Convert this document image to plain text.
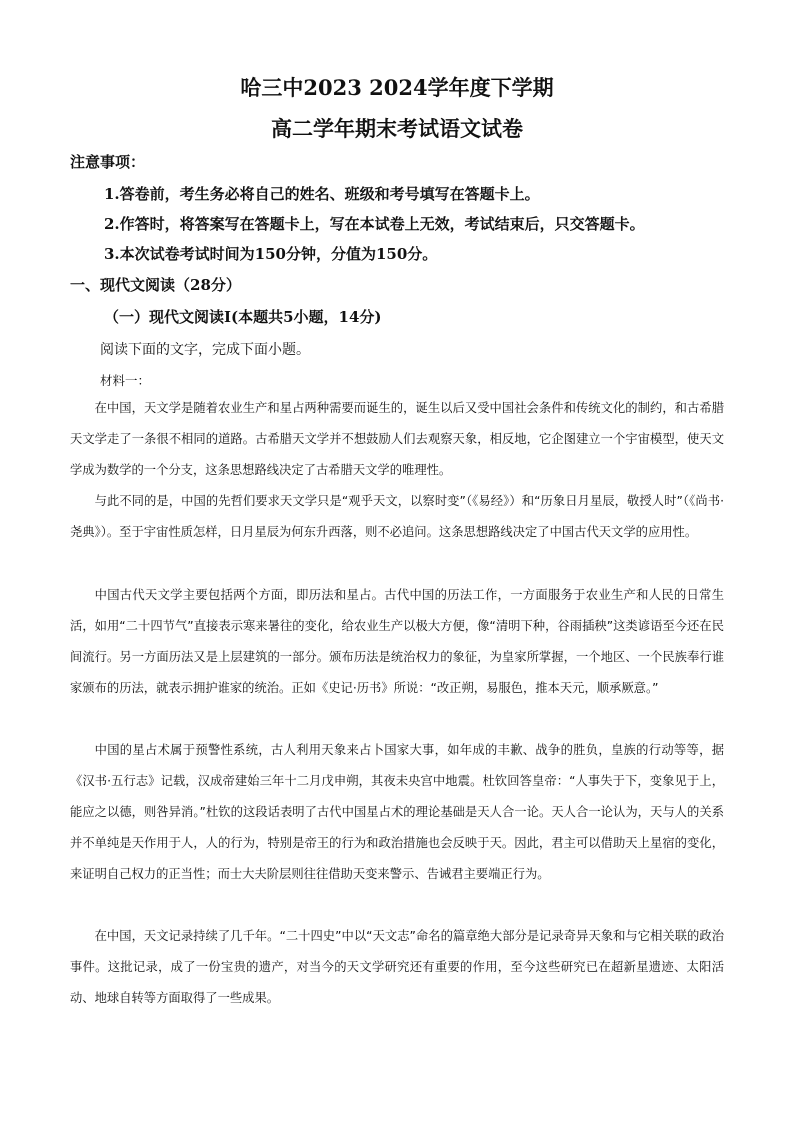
哈三中2023 2024学年度下学期
高二学年期末考试语文试卷
注意事项：
1.答卷前，考生务必将自己的姓名、班级和考号填写在答题卡上。
2.作答时，将答案写在答题卡上，写在本试卷上无效，考试结束后，只交答题卡。
3.本次试卷考试时间为150分钟，分值为150分。
一、现代文阅读（28分）
（一）现代文阅读Ⅰ(本题共5小题，14分)
阅读下面的文字，完成下面小题。
材料一：

在中国，天文学是随着农业生产和星占两种需要而诞生的，诞生以后又受中国社会条件和传统文化的制约，和古希腊天文学走了一条很不相同的道路。古希腊天文学并不想鼓励人们去观察天象，相反地，它企图建立一个宇宙模型，使天文学成为数学的一个分支，这条思想路线决定了古希腊天文学的唯理性。

与此不同的是，中国的先哲们要求天文学只是“观乎天文，以察时变”（《易经》）和“历象日月星辰，敬授人时”（《尚书·尧典》）。至于宇宙性质怎样，日月星辰为何东升西落，则不必追问。这条思想路线决定了中国古代天文学的应用性。

中国古代天文学主要包括两个方面，即历法和星占。古代中国的历法工作，一方面服务于农业生产和人民的日常生活，如用“二十四节气”直接表示寒来暑往的变化，给农业生产以极大方便，像“清明下种，谷雨插秧”这类谚语至今还在民间流行。另一方面历法又是上层建筑的一部分。颁布历法是统治权力的象征，为皇家所掌握，一个地区、一个民族奉行谁家颁布的历法，就表示拥护谁家的统治。正如《史记·历书》所说：“改正朔，易服色，推本天元，顺承厥意。”

中国的星占术属于预警性系统，古人利用天象来占卜国家大事，如年成的丰歉、战争的胜负，皇族的行动等等，据《汉书·五行志》记载，汉成帝建始三年十二月戊申朔，其夜未央宫中地震。杜钦回答皇帝：“人事失于下，变象见于上，能应之以德，则咎异消。”杜钦的这段话表明了古代中国星占术的理论基础是天人合一论。天人合一论认为，天与人的关系并不单纯是天作用于人，人的行为，特别是帝王的行为和政治措施也会反映于天。因此，君主可以借助天上星宿的变化，来证明自己权力的正当性；而士大夫阶层则往往借助天变来警示、告诫君主要端正行为。

在中国，天文记录持续了几千年。“二十四史”中以“天文志”命名的篇章绝大部分是记录奇异天象和与它相关联的政治事件。这批记录，成了一份宝贵的遗产，对当今的天文学研究还有重要的作用，至今这些研究已在超新星遗迹、太阳活动、地球自转等方面取得了一些成果。
